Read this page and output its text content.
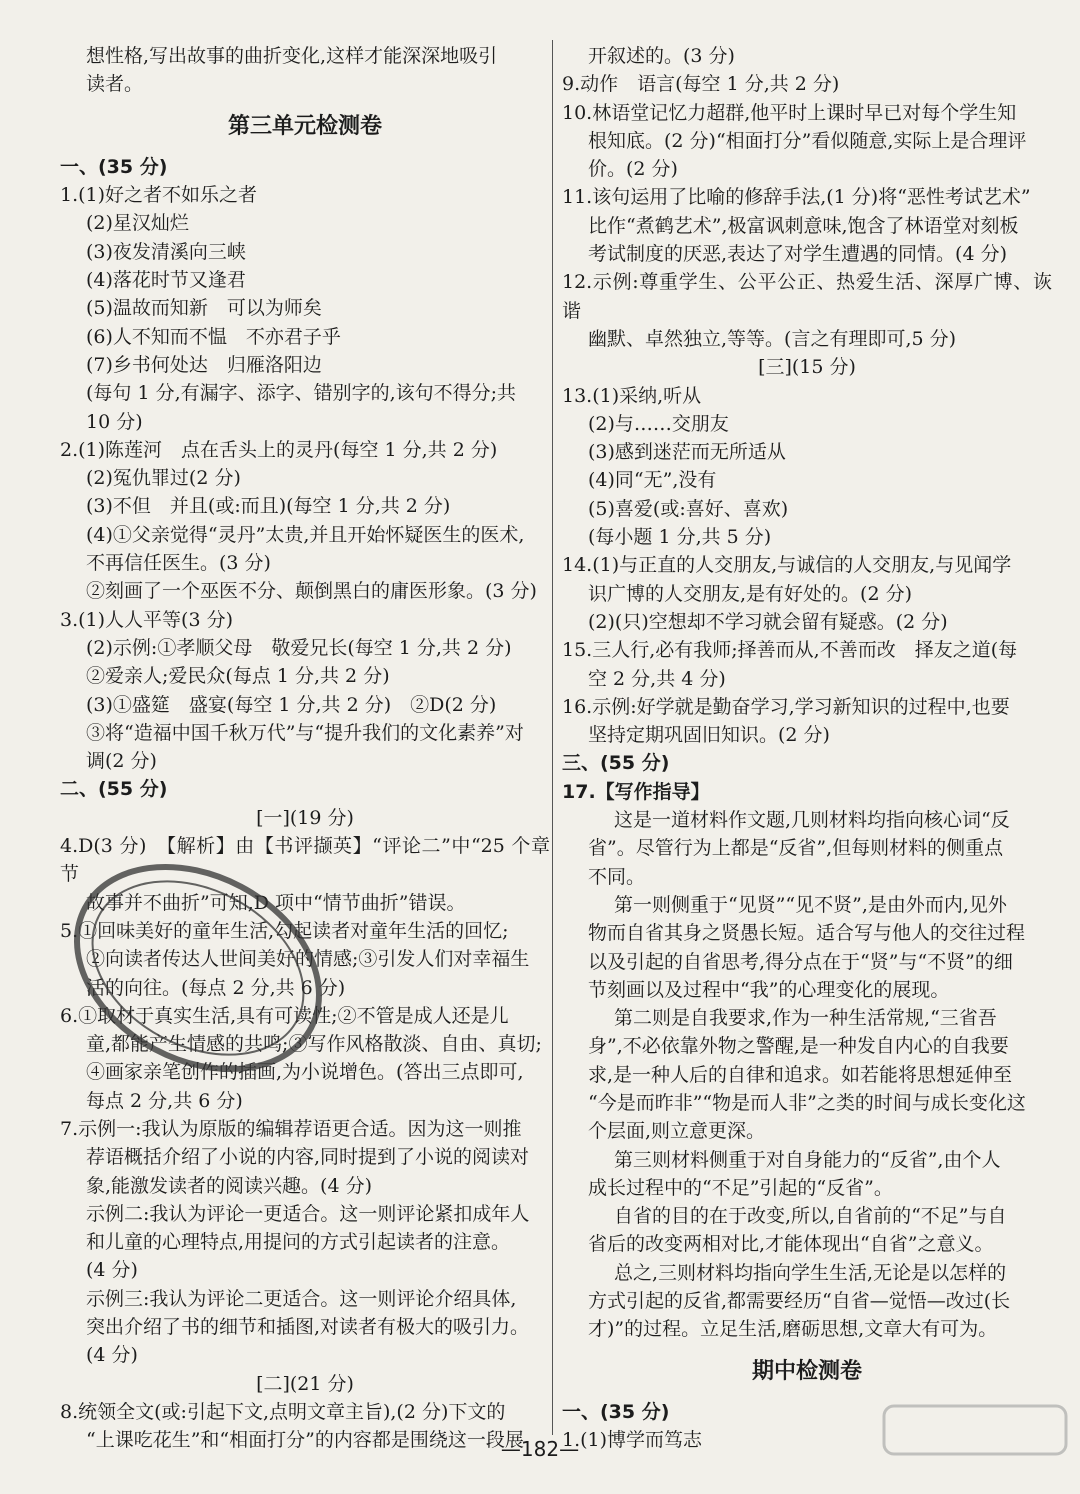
想性格,写出故事的曲折变化,这样才能深深地吸引
读者。
第三单元检测卷
一、(35 分)
1.(1)好之者不如乐之者
(2)星汉灿烂
(3)夜发清溪向三峡
(4)落花时节又逢君
(5)温故而知新　可以为师矣
(6)人不知而不愠　不亦君子乎
(7)乡书何处达　归雁洛阳边
(每句 1 分,有漏字、添字、错别字的,该句不得分;共
10 分)
2.(1)陈莲河　点在舌头上的灵丹(每空 1 分,共 2 分)
(2)冤仇罪过(2 分)
(3)不但　并且(或:而且)(每空 1 分,共 2 分)
(4)①父亲觉得“灵丹”太贵,并且开始怀疑医生的医术,
不再信任医生。(3 分)
②刻画了一个巫医不分、颠倒黑白的庸医形象。(3 分)
3.(1)人人平等(3 分)
(2)示例:①孝顺父母　敬爱兄长(每空 1 分,共 2 分)
②爱亲人;爱民众(每点 1 分,共 2 分)
(3)①盛筵　盛宴(每空 1 分,共 2 分)　②D(2 分)
③将“造福中国千秋万代”与“提升我们的文化素养”对
调(2 分)
二、(55 分)
[一](19 分)
4.D(3 分)　【解析】由【书评撷英】“评论二”中“25 个章节
故事并不曲折”可知,D 项中“情节曲折”错误。
5.①回味美好的童年生活,勾起读者对童年生活的回忆;
②向读者传达人世间美好的情感;③引发人们对幸福生
活的向往。(每点 2 分,共 6 分)
6.①取材于真实生活,具有可读性;②不管是成人还是儿
童,都能产生情感的共鸣;③写作风格散淡、自由、真切;
④画家亲笔创作的插画,为小说增色。(答出三点即可,
每点 2 分,共 6 分)
7.示例一:我认为原版的编辑荐语更合适。因为这一则推
荐语概括介绍了小说的内容,同时提到了小说的阅读对
象,能激发读者的阅读兴趣。(4 分)
示例二:我认为评论一更适合。这一则评论紧扣成年人
和儿童的心理特点,用提问的方式引起读者的注意。
(4 分)
示例三:我认为评论二更适合。这一则评论介绍具体,
突出介绍了书的细节和插图,对读者有极大的吸引力。
(4 分)
[二](21 分)
8.统领全文(或:引起下文,点明文章主旨),(2 分)下文的
“上课吃花生”和“相面打分”的内容都是围绕这一段展
开叙述的。(3 分)
9.动作　语言(每空 1 分,共 2 分)
10.林语堂记忆力超群,他平时上课时早已对每个学生知
根知底。(2 分)“相面打分”看似随意,实际上是合理评
价。(2 分)
11.该句运用了比喻的修辞手法,(1 分)将“恶性考试艺术”
比作“煮鹤艺术”,极富讽刺意味,饱含了林语堂对刻板
考试制度的厌恶,表达了对学生遭遇的同情。(4 分)
12.示例:尊重学生、公平公正、热爱生活、深厚广博、诙谐
幽默、卓然独立,等等。(言之有理即可,5 分)
[三](15 分)
13.(1)采纳,听从
(2)与……交朋友
(3)感到迷茫而无所适从
(4)同“无”,没有
(5)喜爱(或:喜好、喜欢)
(每小题 1 分,共 5 分)
14.(1)与正直的人交朋友,与诚信的人交朋友,与见闻学
识广博的人交朋友,是有好处的。(2 分)
(2)(只)空想却不学习就会留有疑惑。(2 分)
15.三人行,必有我师;择善而从,不善而改　择友之道(每
空 2 分,共 4 分)
16.示例:好学就是勤奋学习,学习新知识的过程中,也要
坚持定期巩固旧知识。(2 分)
三、(55 分)
17.【写作指导】
这是一道材料作文题,几则材料均指向核心词“反
省”。尽管行为上都是“反省”,但每则材料的侧重点
不同。
第一则侧重于“见贤”“见不贤”,是由外而内,见外
物而自省其身之贤愚长短。适合写与他人的交往过程
以及引起的自省思考,得分点在于“贤”与“不贤”的细
节刻画以及过程中“我”的心理变化的展现。
第二则是自我要求,作为一种生活常规,“三省吾
身”,不必依靠外物之警醒,是一种发自内心的自我要
求,是一种人后的自律和追求。如若能将思想延伸至
“今是而昨非”“物是而人非”之类的时间与成长变化这
个层面,则立意更深。
第三则材料侧重于对自身能力的“反省”,由个人
成长过程中的“不足”引起的“反省”。
自省的目的在于改变,所以,自省前的“不足”与自
省后的改变两相对比,才能体现出“自省”之意义。
总之,三则材料均指向学生生活,无论是以怎样的
方式引起的反省,都需要经历“自省—觉悟—改过(长
才)”的过程。立足生活,磨砺思想,文章大有可为。
期中检测卷
一、(35 分)
1.(1)博学而笃志
—182—
